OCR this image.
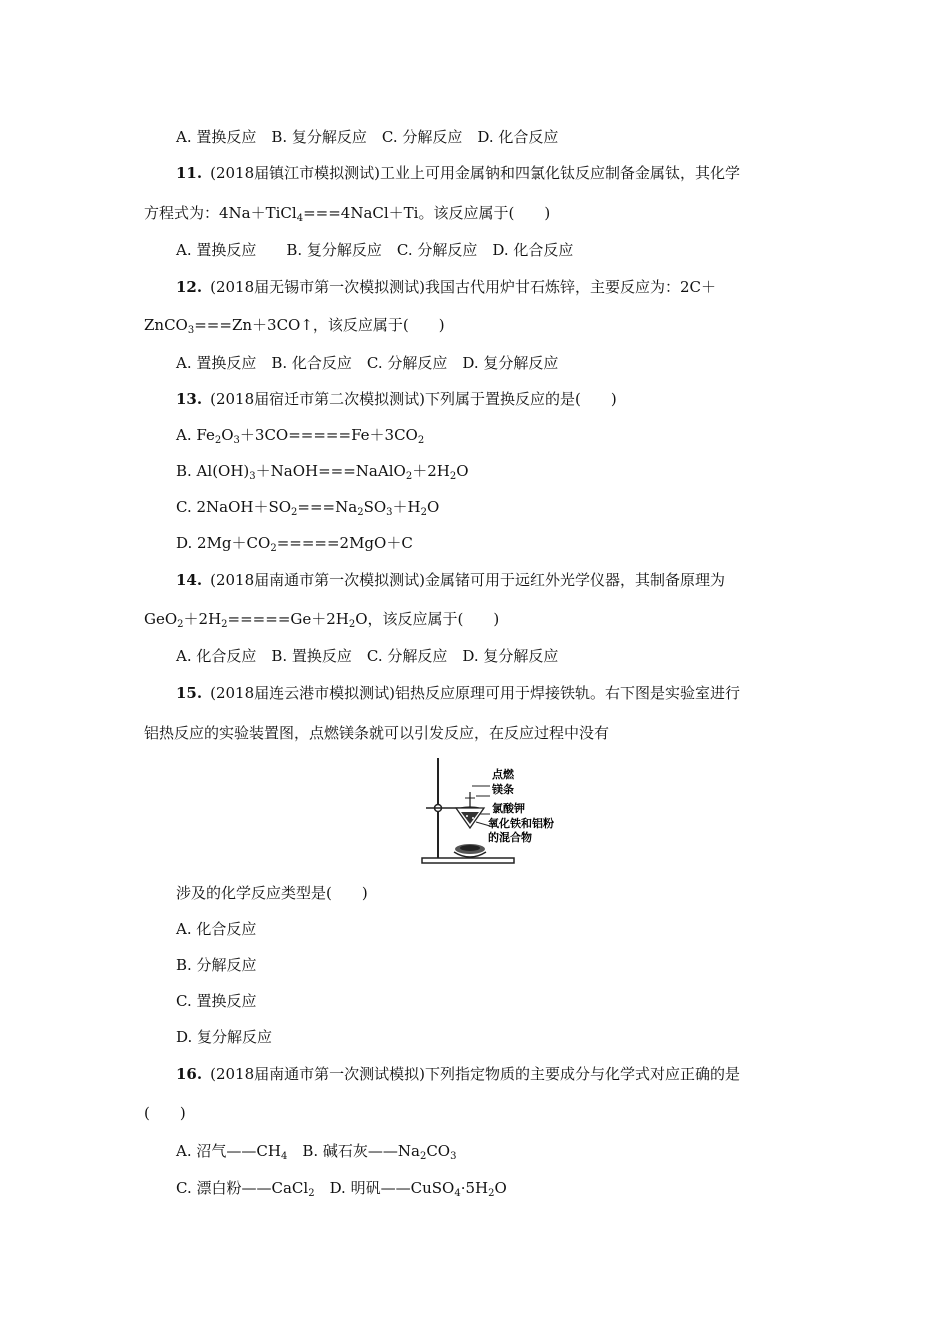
A. 置换反应　B. 复分解反应　C. 分解反应　D. 化合反应
11. (2018届镇江市模拟测试)工业上可用金属钠和四氯化钛反应制备金属钛，其化学
方程式为：4Na＋TiCl$_4$===4NaCl＋Ti。该反应属于(　　)
A. 置换反应　　B. 复分解反应　C. 分解反应　D. 化合反应
12. (2018届无锡市第一次模拟测试)我国古代用炉甘石炼锌，主要反应为：2C＋
ZnCO$_3$===Zn＋3CO↑，该反应属于(　　)
A. 置换反应　B. 化合反应　C. 分解反应　D. 复分解反应
13. (2018届宿迁市第二次模拟测试)下列属于置换反应的是(　　)
A. $Fe_2O_3+3CO=====Fe+3CO_2$
B. $Al(OH)_3+NaOH===NaAlO_2+2H_2O$
C. $2NaOH+SO_2===Na_2SO_3+H_2O$
D. $2Mg+CO_2=====2MgO+C$
14. (2018届南通市第一次模拟测试)金属锗可用于远红外光学仪器，其制备原理为
$GeO_2+2H_2=====Ge+2H_2O$，该反应属于(　　)
A. 化合反应　B. 置换反应　C. 分解反应　D. 复分解反应
15. (2018届连云港市模拟测试)铝热反应原理可用于焊接铁轨。右下图是实验室进行
铝热反应的实验装置图，点燃镁条就可以引发反应，在反应过程中没有
点燃
镁条
氯酸钾
氧化铁和铝粉
的混合物
涉及的化学反应类型是(　　)
A. 化合反应
B. 分解反应
C. 置换反应
D. 复分解反应
16. (2018届南通市第一次测试模拟)下列指定物质的主要成分与化学式对应正确的是
(　　)
A. 沼气$——CH_4$　B. 碱石灰$——Na_2CO_3$
C. 漂白粉——CaCl$_2$　D. 明矾$——CuSO_4\cdot 5H_2O$
